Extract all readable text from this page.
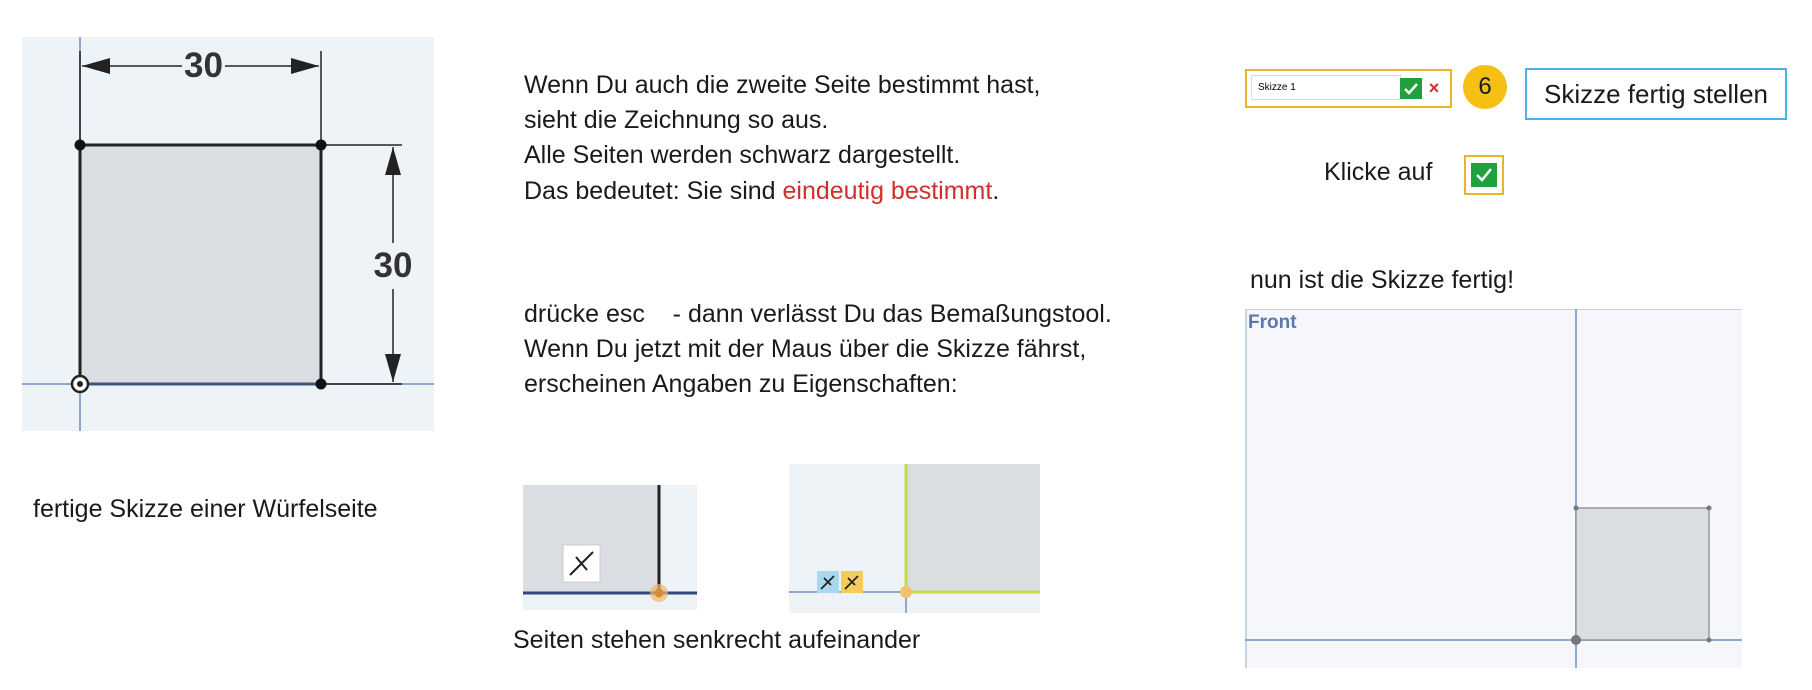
30
30
fertige Skizze einer Würfelseite
Wenn Du auch die zweite Seite bestimmt hast,
sieht die Zeichnung so aus.
Alle Seiten werden schwarz dargestellt.
Das bedeutet: Sie sind eindeutig bestimmt.
drücke esc    - dann verlässt Du das Bemaßungstool.
Wenn Du jetzt mit der Maus über die Skizze fährst,
erscheinen Angaben zu Eigenschaften:
Seiten stehen senkrecht aufeinander
Skizze 1
×	6	Skizze fertig stellen
Klicke auf
nun ist die Skizze fertig!
Front
